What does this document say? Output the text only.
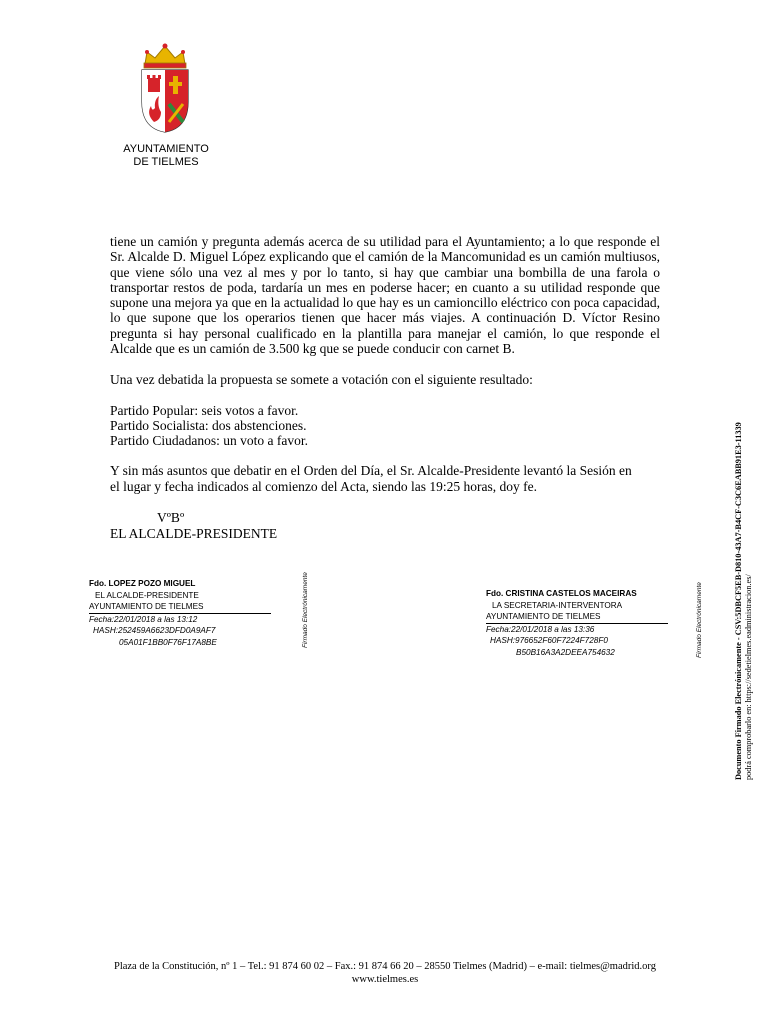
AYUNTAMIENTO
DE TIELMES

tiene un camión y pregunta además acerca de su utilidad para el Ayuntamiento; a lo que responde el Sr. Alcalde D. Miguel López explicando que el camión de la Mancomunidad es un camión multiusos, que viene sólo una vez al mes y por lo tanto, si hay que cambiar una bombilla de una farola o transportar restos de poda, tardaría un mes en poderse hacer; en cuanto a su utilidad responde que supone una mejora ya que en la actualidad lo que hay es un camioncillo eléctrico con poca capacidad, lo que supone que los operarios tienen que hacer más viajes. A continuación D. Víctor Resino pregunta si hay personal cualificado en la plantilla para manejar el camión, lo que responde el Alcalde que es un camión de 3.500 kg que se puede conducir con carnet B.

Una vez debatida la propuesta se somete a votación con el siguiente resultado:
Partido Popular: seis votos a favor.
Partido Socialista: dos abstenciones.
Partido Ciudadanos: un voto a favor.
Y sin más asuntos que debatir en el Orden del Día, el Sr. Alcalde-Presidente levantó la Sesión en
el lugar y fecha indicados al comienzo del Acta, siendo las 19:25 horas, doy fe.
VºBº
EL ALCALDE-PRESIDENTE
Fdo. LOPEZ POZO MIGUEL
EL ALCALDE-PRESIDENTE
AYUNTAMIENTO DE TIELMES
Fecha:22/01/2018 a las 13:12
HASH:252459A6623DFD0A9AF7
05A01F1BB0F76F17A8BE	Firmado Electrónicamente	Fdo. CRISTINA CASTELOS MACEIRAS
LA SECRETARIA-INTERVENTORA
AYUNTAMIENTO DE TIELMES
Fecha:22/01/2018 a las 13:36
HASH:976652F60F7224F728F0
B50B16A3A2DEEA754632	Firmado Electrónicamente	Documento Firmado Electrónicamente - CSV:5DBCF5EB-D810-43A7-B4CF-C3C6EABB91E3-11339 podrá comprobarlo en: https://sedetielmes.eadministracion.es/
Plaza de la Constitución, nº 1 – Tel.: 91 874 60 02 – Fax.: 91 874 66 20 – 28550 Tielmes (Madrid) – e-mail: tielmes@madrid.org
www.tielmes.es
